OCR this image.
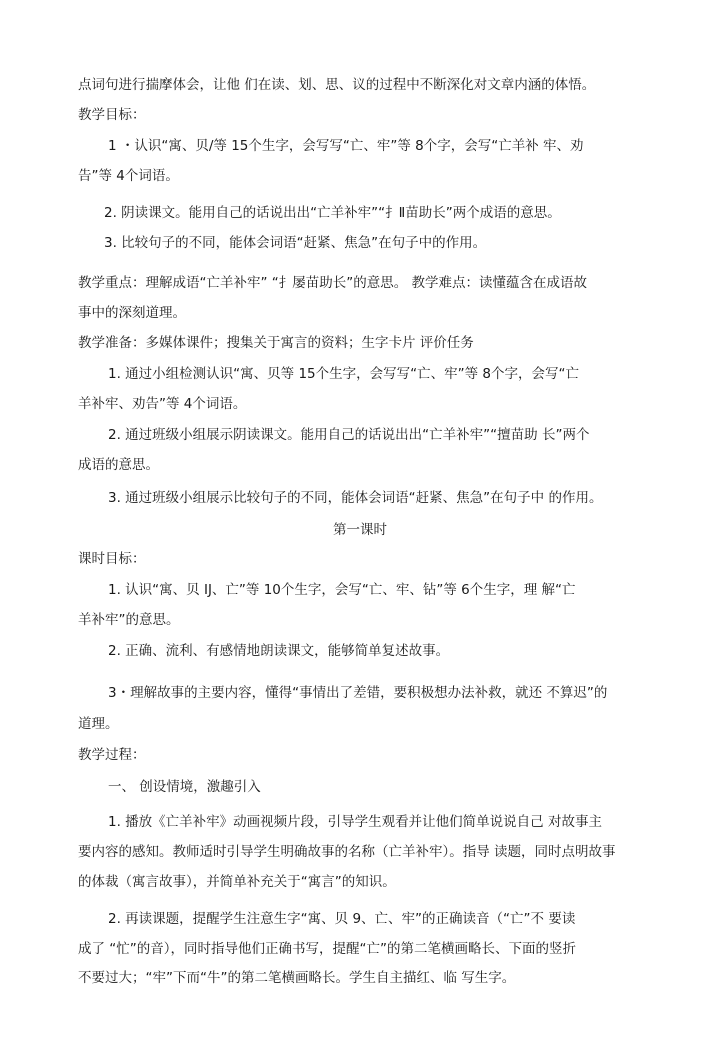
点词句进行揣摩体会，让他 们在读、划、思、议的过程中不断深化对文章内涵的体悟。
教学目标：
1 ・认识“寓、贝/等 15个生字，会写写“亡、牢”等 8个字，会写“亡羊补 牢、劝
告”等 4个词语。
2. 阴读课文。能用自己的话说出出“亡羊补牢”“扌Ⅱ苗助长”两个成语的意思。
3. 比较句子的不同，能体会词语“赶紧、焦急”在句子中的作用。
教学重点：理解成语“亡羊补牢” “扌屡苗助长”的意思。 教学难点：读懂蕴含在成语故
事中的深刻道理。
教学准备：多媒体课件；搜集关于寓言的资料；生字卡片 评价任务
1. 通过小组检测认识“寓、贝等 15个生字，会写写“亡、牢”等 8个字，会写“亡
羊补牢、劝告”等 4个词语。
2. 通过班级小组展示阴读课文。能用自己的话说出出“亡羊补牢”“擅苗助 长”两个
成语的意思。
3. 通过班级小组展示比较句子的不同，能体会词语“赶紧、焦急”在句子中 的作用。
第一课时
课时目标：
1. 认识“寓、贝 IJ、亡”等 10个生字，会写“亡、牢、钻”等 6个生字，理 解“亡
羊补牢”的意思。
2. 正确、流利、有感情地朗读课文，能够简单复述故事。
3・理解故事的主要内容，懂得“事情出了差错，要积极想办法补救，就还 不算迟”的
道理。
教学过程：
一、 创设情境，激趣引入
1. 播放《亡羊补牢》动画视频片段，引导学生观看并让他们简单说说自己 对故事主
要内容的感知。教师适时引导学生明确故事的名称（亡羊补牢）。指导 读题，同时点明故事
的体裁（寓言故事），并简单补充关于“寓言”的知识。
2. 再读课题，提醒学生注意生字“寓、贝 9、亡、牢”的正确读音（“亡”不 要读
成了 “忙”的音），同时指导他们正确书写，提醒“亡”的第二笔横画略长、下面的竖折
不要过大；“牢”下而“牛”的第二笔横画略长。学生自主描红、临 写生字。
